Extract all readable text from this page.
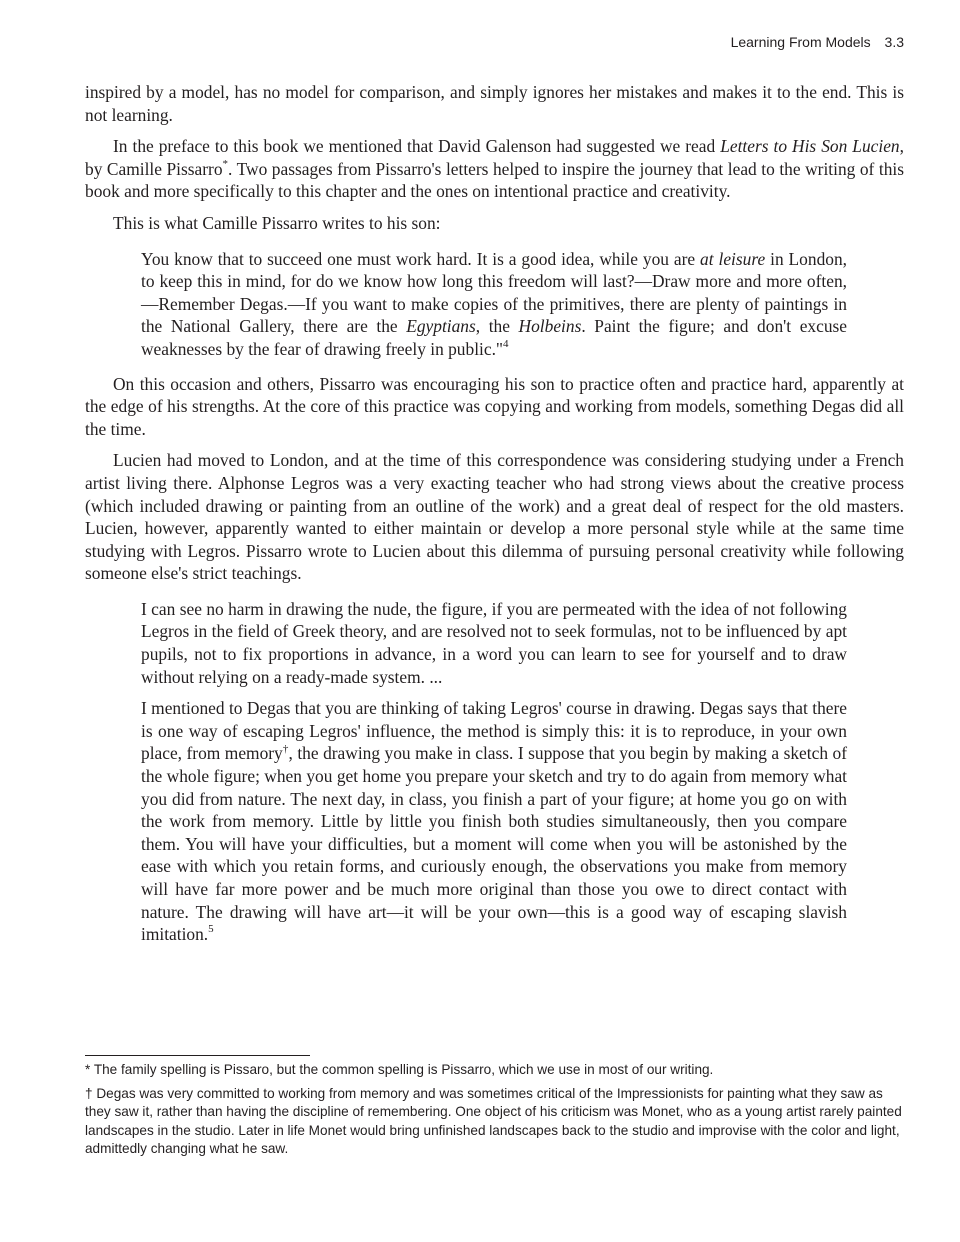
Learning From Models 3.3

inspired by a model, has no model for comparison, and simply ignores her mistakes and makes it to the end. This is not learning.

In the preface to this book we mentioned that David Galenson had suggested we read Letters to His Son Lucien, by Camille Pissarro*. Two passages from Pissarro's letters helped to inspire the journey that lead to the writing of this book and more specifically to this chapter and the ones on intentional practice and creativity.

This is what Camille Pissarro writes to his son:

You know that to succeed one must work hard. It is a good idea, while you are at leisure in London, to keep this in mind, for do we know how long this freedom will last?—Draw more and more often,—Remember Degas.—If you want to make copies of the primitives, there are plenty of paintings in the National Gallery, there are the Egyptians, the Holbeins. Paint the figure; and don't excuse weaknesses by the fear of drawing freely in public."$^4$

On this occasion and others, Pissarro was encouraging his son to practice often and practice hard, apparently at the edge of his strengths. At the core of this practice was copying and working from models, something Degas did all the time.

Lucien had moved to London, and at the time of this correspondence was considering studying under a French artist living there. Alphonse Legros was a very exacting teacher who had strong views about the creative process (which included drawing or painting from an outline of the work) and a great deal of respect for the old masters. Lucien, however, apparently wanted to either maintain or develop a more personal style while at the same time studying with Legros. Pissarro wrote to Lucien about this dilemma of pursuing personal creativity while following someone else's strict teachings.

I can see no harm in drawing the nude, the figure, if you are permeated with the idea of not following Legros in the field of Greek theory, and are resolved not to seek formulas, not to be influenced by apt pupils, not to fix proportions in advance, in a word you can learn to see for yourself and to draw without relying on a ready-made system. ...

I mentioned to Degas that you are thinking of taking Legros' course in drawing. Degas says that there is one way of escaping Legros' influence, the method is simply this: it is to reproduce, in your own place, from memory†, the drawing you make in class. I suppose that you begin by making a sketch of the whole figure; when you get home you prepare your sketch and try to do again from memory what you did from nature. The next day, in class, you finish a part of your figure; at home you go on with the work from memory. Little by little you finish both studies simultaneously, then you compare them. You will have your difficulties, but a moment will come when you will be astonished by the ease with which you retain forms, and curiously enough, the observations you make from memory will have far more power and be much more original than those you owe to direct contact with nature. The drawing will have art—it will be your own—this is a good way of escaping slavish imitation.$^5$

* The family spelling is Pissaro, but the common spelling is Pissarro, which we use in most of our writing.

† Degas was very committed to working from memory and was sometimes critical of the Impressionists for painting what they saw as they saw it, rather than having the discipline of remembering. One object of his criticism was Monet, who as a young artist rarely painted landscapes in the studio. Later in life Monet would bring unfinished landscapes back to the studio and improvise with the color and light, admittedly changing what he saw.
